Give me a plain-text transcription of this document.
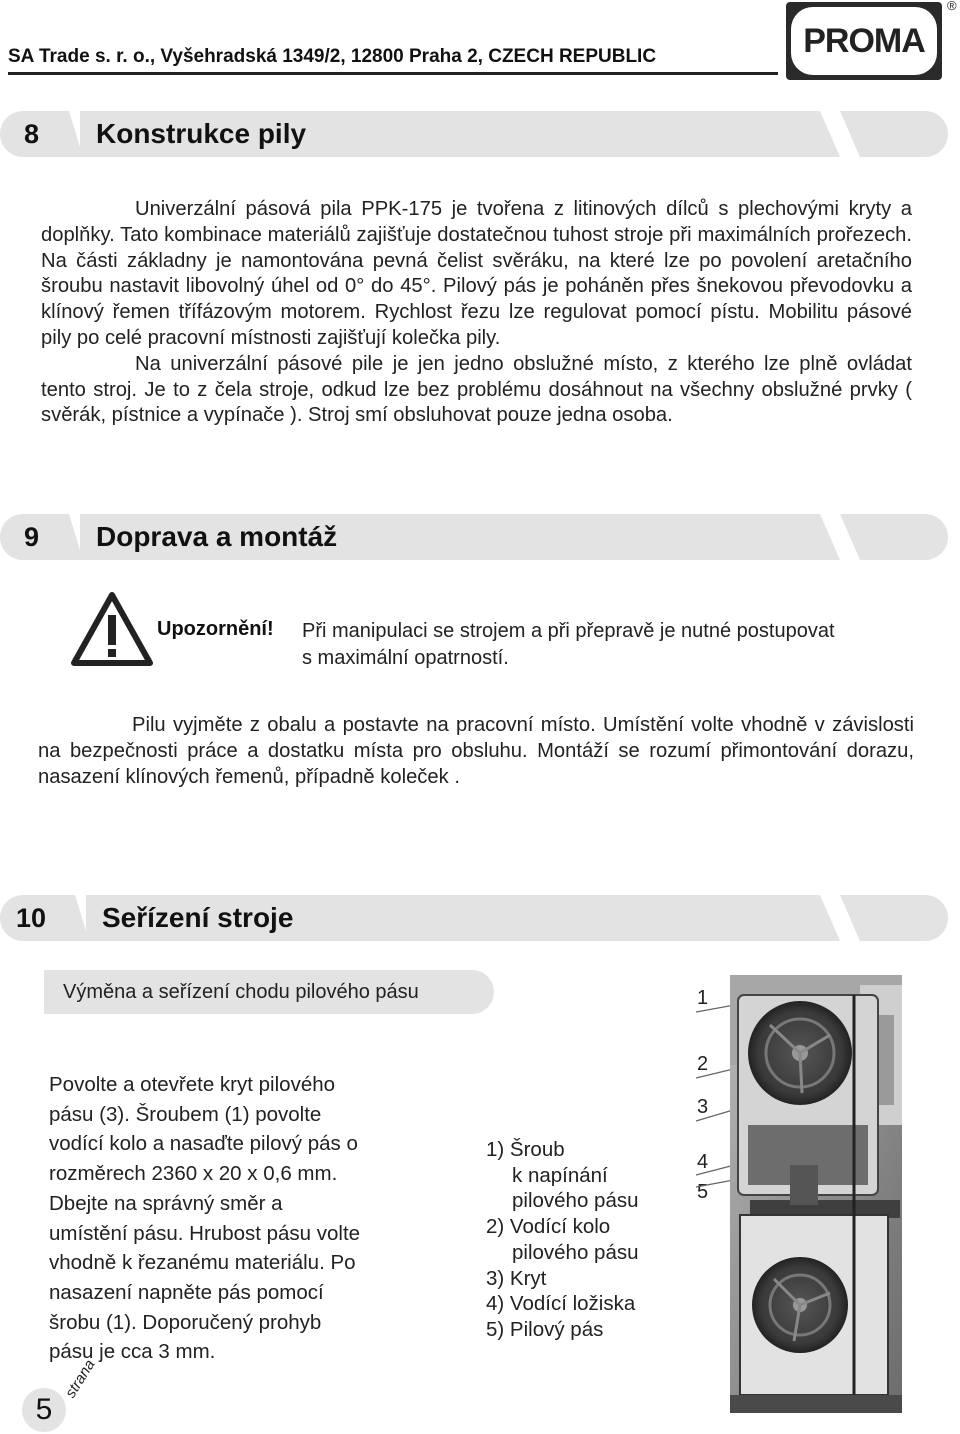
SA Trade s. r. o., Vyšehradská 1349/2, 12800 Praha 2, CZECH REPUBLIC	PROMA
®
8	Konstrukce pily

Univerzální pásová pila PPK-175 je tvořena z litinových dílců s plechovými kryty a doplňky. Tato kombinace materiálů zajišťuje dostatečnou tuhost stroje při maximálních prořezech. Na části základny je namontována pevná čelist svěráku, na které lze po povolení aretačního šroubu nastavit libovolný úhel od 0° do 45°. Pilový pás je poháněn přes šnekovou převodovku a klínový řemen třífázovým motorem. Rychlost řezu lze regulovat pomocí pístu. Mobilitu pásové pily po celé pracovní místnosti zajišťují kolečka pily.

Na univerzální pásové pile je jen jedno obslužné místo, z kterého lze plně ovládat tento stroj. Je to z čela stroje, odkud lze bez problému dosáhnout na všechny obslužné prvky ( svěrák, pístnice a vypínače ). Stroj smí obsluhovat pouze jedna osoba.

9	Doprava a montáž
Upozornění! Při manipulaci se strojem a při přepravě je nutné postupovat
s maximální opatrností.

Pilu vyjměte z obalu a postavte na pracovní místo. Umístění volte vhodně v závislosti na bezpečnosti práce a dostatku místa pro obsluhu. Montáží se rozumí přimontování dorazu, nasazení klínových řemenů, případně koleček .

10	Seřízení stroje
Výměna a seřízení chodu pilového pásu
Povolte a otevřete kryt pilového
pásu (3). Šroubem (1) povolte
vodící kolo a nasaďte pilový pás o
rozměrech 2360 x 20 x 0,6 mm.
Dbejte na správný směr a
umístění pásu. Hrubost pásu volte
vhodně k řezanému materiálu. Po
nasazení napněte pás pomocí
šrobu (1). Doporučený prohyb
pásu je cca 3 mm.
1) Šroub
k napínání
pilového pásu
2) Vodící kolo
pilového pásu
3) Kryt
4) Vodící ložiska
5) Pilový pás
1
2
3
4
5
5
strana
